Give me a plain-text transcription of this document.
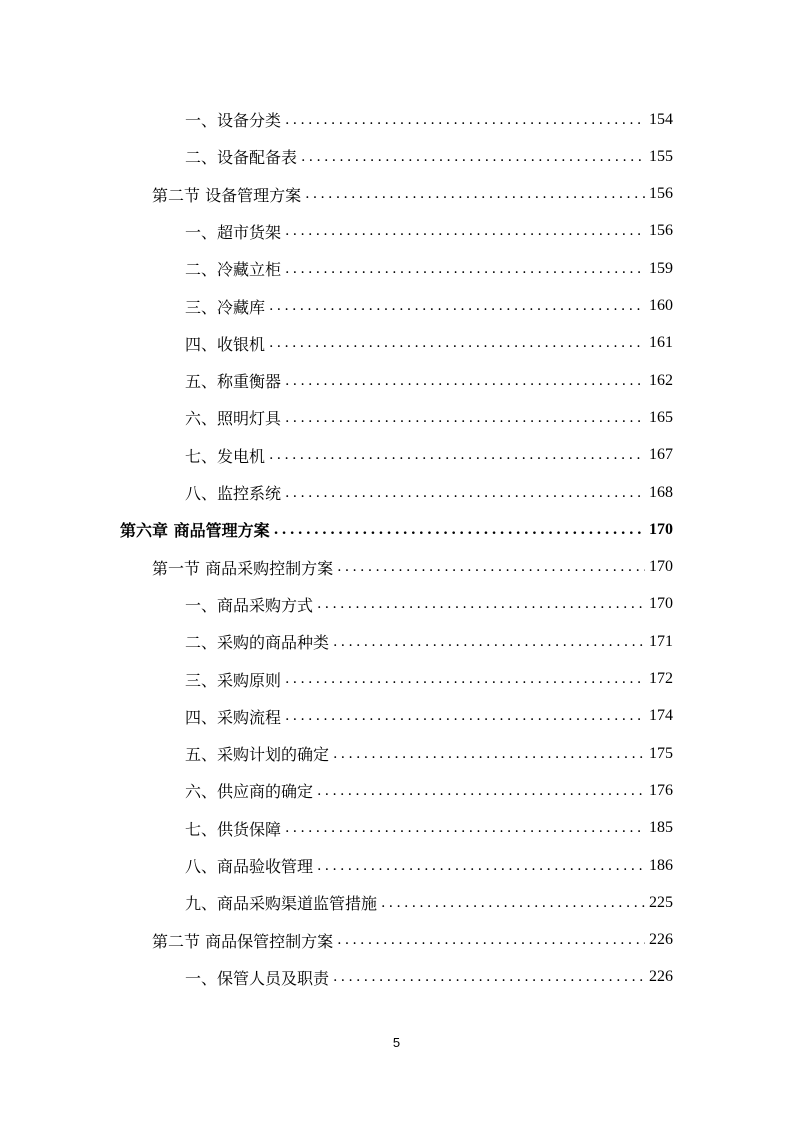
一、设备分类 .....	154
二、设备配备表 .....	155
第二节 设备管理方案 .....	156
一、超市货架 .....	156
二、冷藏立柜 .....	159
三、冷藏库 .....	160
四、收银机 .....	161
五、称重衡器 .....	162
六、照明灯具 .....	165
七、发电机 .....	167
八、监控系统 .....	168
第六章 商品管理方案 .....	170
第一节 商品采购控制方案 .....	170
一、商品采购方式 .....	170
二、采购的商品种类 .....	171
三、采购原则 .....	172
四、采购流程 .....	174
五、采购计划的确定 .....	175
六、供应商的确定 .....	176
七、供货保障 .....	185
八、商品验收管理 .....	186
九、商品采购渠道监管措施 .....	225
第二节 商品保管控制方案 .....	226
一、保管人员及职责 .....	226
5
